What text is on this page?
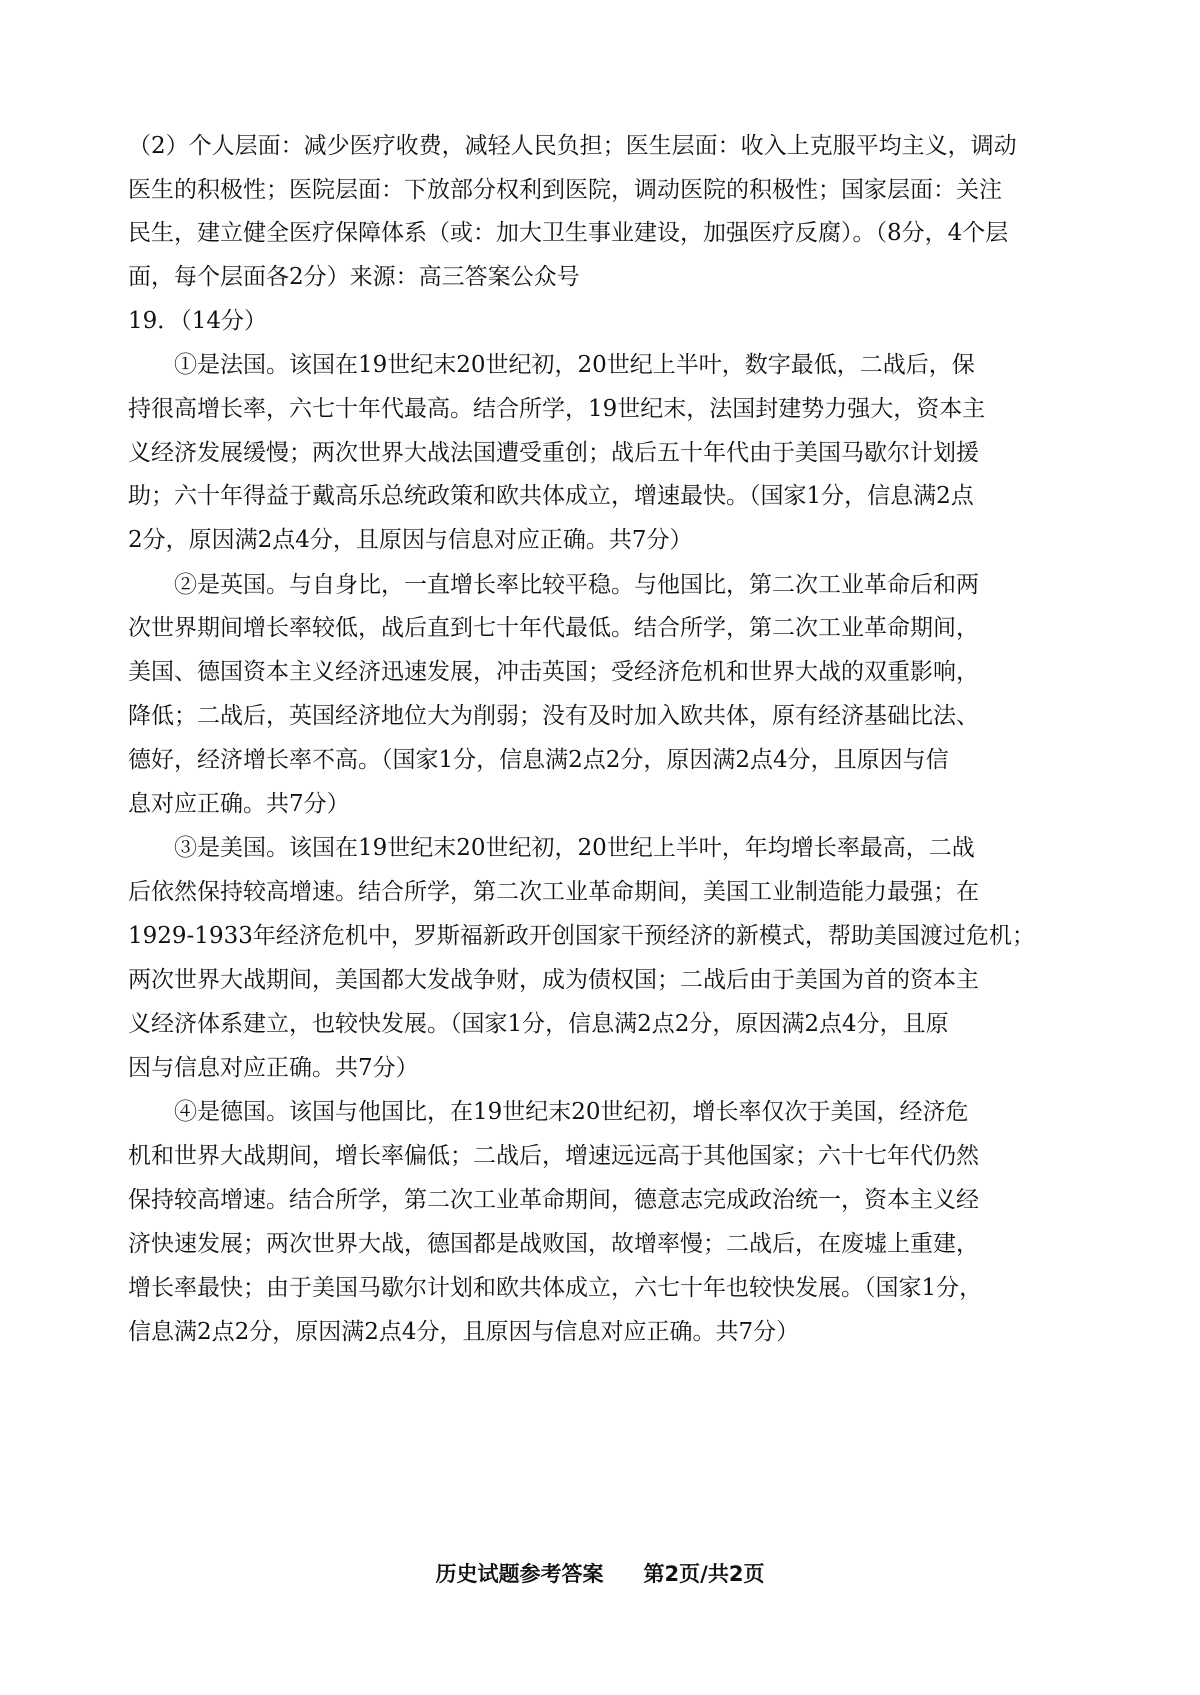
（2）个人层面：减少医疗收费，减轻人民负担；医生层面：收入上克服平均主义，调动
医生的积极性；医院层面：下放部分权利到医院，调动医院的积极性；国家层面：关注
民生，建立健全医疗保障体系（或：加大卫生事业建设，加强医疗反腐）。（8分，4个层
面，每个层面各2分）来源：高三答案公众号
19．（14分）
①是法国。该国在19世纪末20世纪初，20世纪上半叶，数字最低，二战后，保
持很高增长率，六七十年代最高。结合所学，19世纪末，法国封建势力强大，资本主
义经济发展缓慢；两次世界大战法国遭受重创；战后五十年代由于美国马歇尔计划援
助；六十年得益于戴高乐总统政策和欧共体成立，增速最快。（国家1分，信息满2点
2分，原因满2点4分，且原因与信息对应正确。共7分）
②是英国。与自身比，一直增长率比较平稳。与他国比，第二次工业革命后和两
次世界期间增长率较低，战后直到七十年代最低。结合所学，第二次工业革命期间，
美国、德国资本主义经济迅速发展，冲击英国；受经济危机和世界大战的双重影响，
降低；二战后，英国经济地位大为削弱；没有及时加入欧共体，原有经济基础比法、
德好，经济增长率不高。（国家1分，信息满2点2分，原因满2点4分，且原因与信
息对应正确。共7分）
③是美国。该国在19世纪末20世纪初，20世纪上半叶，年均增长率最高，二战
后依然保持较高增速。结合所学，第二次工业革命期间，美国工业制造能力最强；在
1929-1933年经济危机中，罗斯福新政开创国家干预经济的新模式，帮助美国渡过危机；
两次世界大战期间，美国都大发战争财，成为债权国；二战后由于美国为首的资本主
义经济体系建立，也较快发展。（国家1分，信息满2点2分，原因满2点4分，且原
因与信息对应正确。共7分）
④是德国。该国与他国比，在19世纪末20世纪初，增长率仅次于美国，经济危
机和世界大战期间，增长率偏低；二战后，增速远远高于其他国家；六十七年代仍然
保持较高增速。结合所学，第二次工业革命期间，德意志完成政治统一，资本主义经
济快速发展；两次世界大战，德国都是战败国，故增率慢；二战后，在废墟上重建，
增长率最快；由于美国马歇尔计划和欧共体成立，六七十年也较快发展。（国家1分，
信息满2点2分，原因满2点4分，且原因与信息对应正确。共7分）
历史试题参考答案 第2页/共2页
